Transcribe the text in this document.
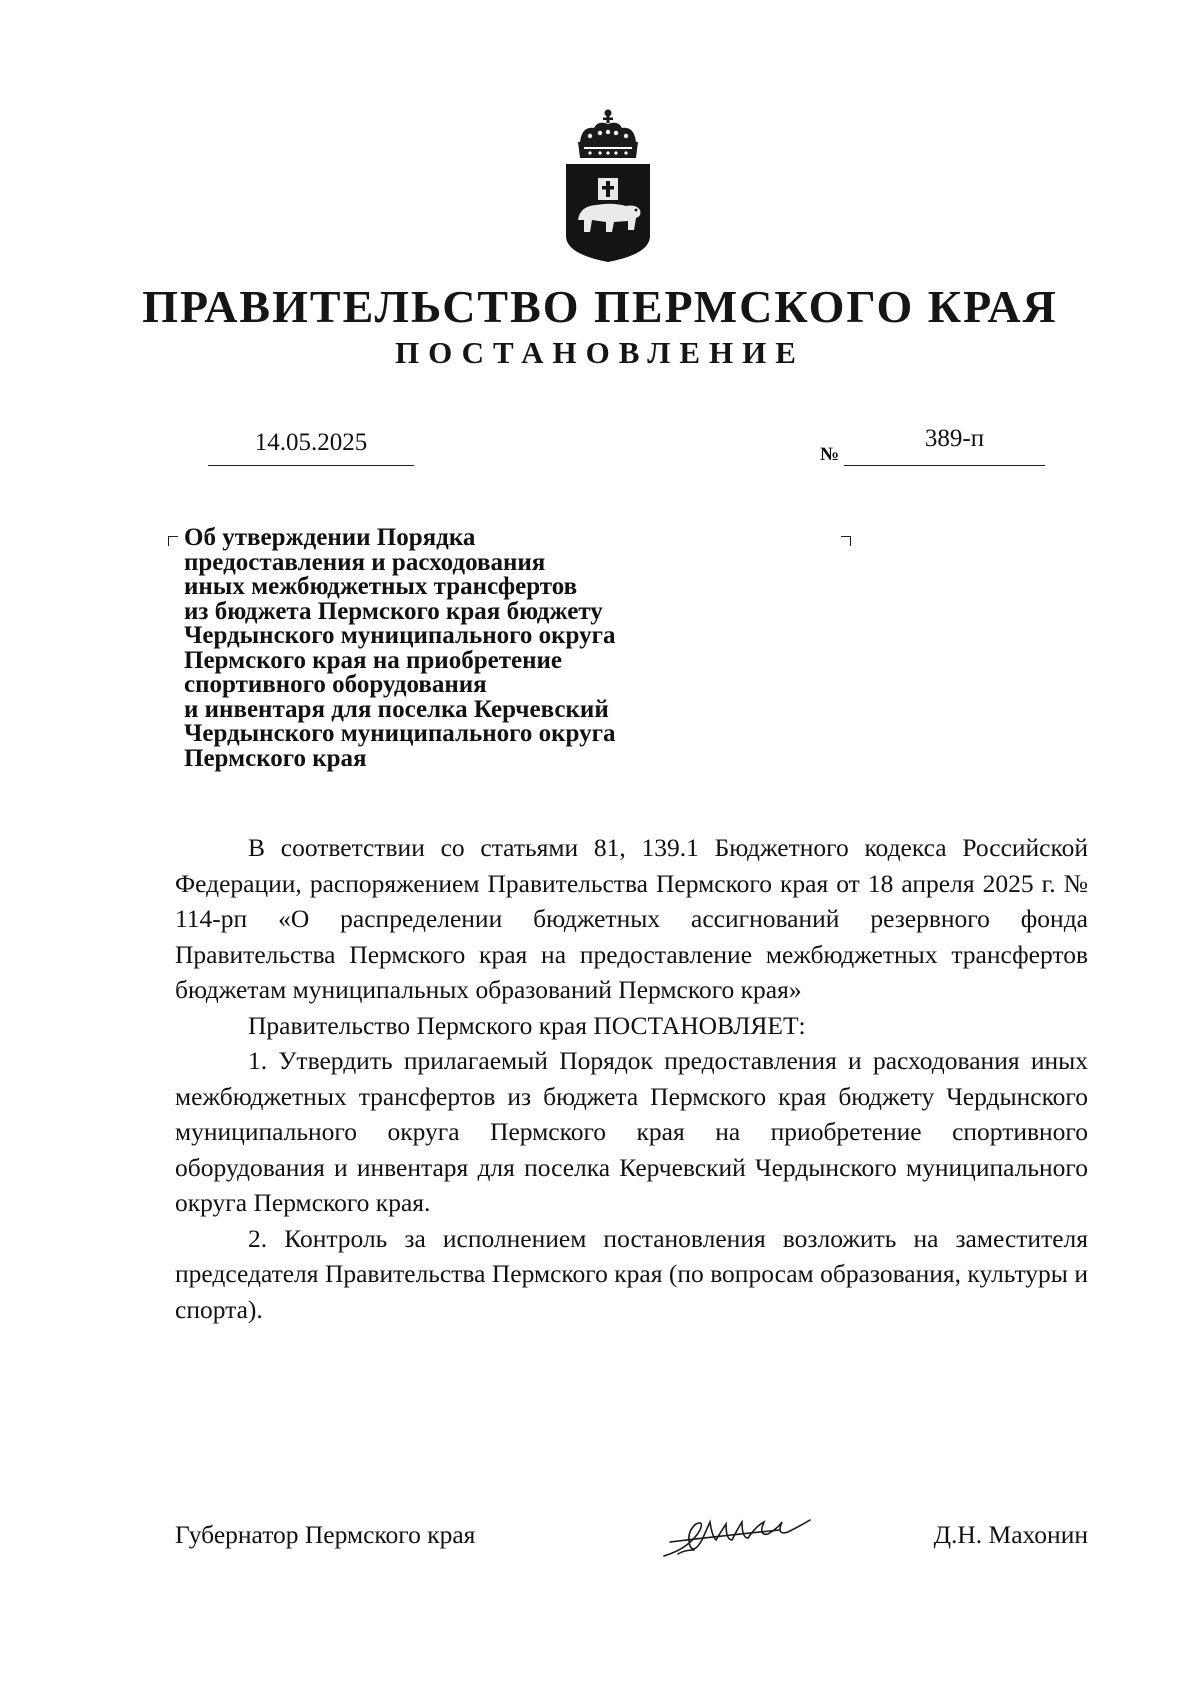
ПРАВИТЕЛЬСТВО ПЕРМСКОГО КРАЯ
ПОСТАНОВЛЕНИЕ
14.05.2025	№
389-п
Об утверждении Порядка
предоставления и расходования
иных межбюджетных трансфертов
из бюджета Пермского края бюджету
Чердынского муниципального округа
Пермского края на приобретение
спортивного оборудования
и инвентаря для поселка Керчевский
Чердынского муниципального округа
Пермского края

В соответствии со статьями 81, 139.1 Бюджетного кодекса Российской Федерации, распоряжением Правительства Пермского края от 18 апреля 2025 г. № 114-рп «О распределении бюджетных ассигнований резервного фонда Правительства Пермского края на предоставление межбюджетных трансфертов бюджетам муниципальных образований Пермского края»

Правительство Пермского края ПОСТАНОВЛЯЕТ:

1. Утвердить прилагаемый Порядок предоставления и расходования иных межбюджетных трансфертов из бюджета Пермского края бюджету Чердынского муниципального округа Пермского края на приобретение спортивного оборудования и инвентаря для поселка Керчевский Чердынского муниципального округа Пермского края.

2. Контроль за исполнением постановления возложить на заместителя председателя Правительства Пермского края (по вопросам образования, культуры и спорта).

Губернатор Пермского края	Д.Н. Махонин
